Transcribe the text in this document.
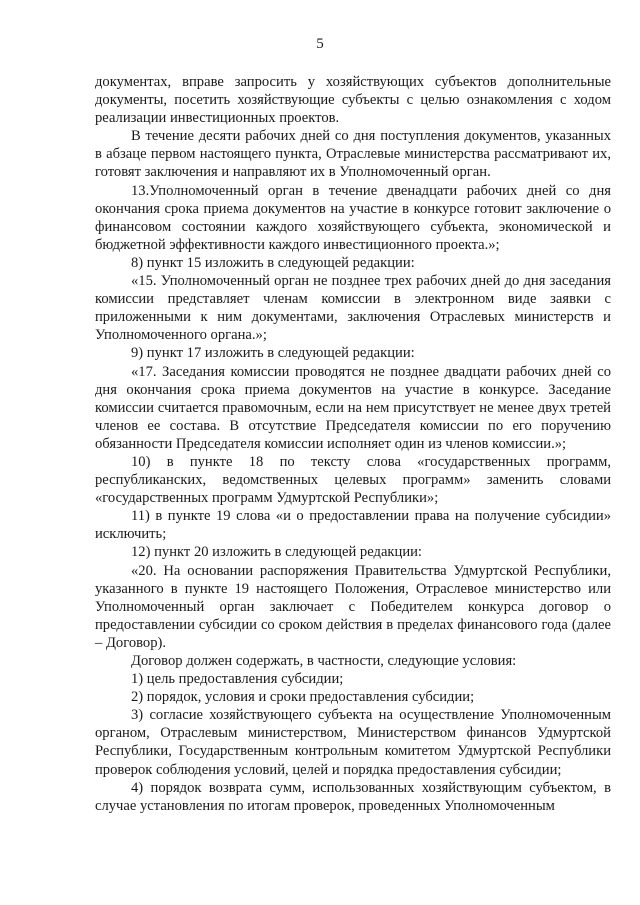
5

документах, вправе запросить у хозяйствующих субъектов дополнительные документы, посетить хозяйствующие субъекты с целью ознакомления с ходом реализации инвестиционных проектов.

В течение десяти рабочих дней со дня поступления документов, указанных в абзаце первом настоящего пункта, Отраслевые министерства рассматривают их, готовят заключения и направляют их в Уполномоченный орган.

13.Уполномоченный орган в течение двенадцати рабочих дней со дня окончания срока приема документов на участие в конкурсе готовит заключение о финансовом состоянии каждого хозяйствующего субъекта, экономической и бюджетной эффективности каждого инвестиционного проекта.»;

8) пункт 15 изложить в следующей редакции:

«15. Уполномоченный орган не позднее трех рабочих дней до дня заседания комиссии представляет членам комиссии в электронном виде заявки с приложенными к ним документами, заключения Отраслевых министерств и Уполномоченного органа.»;

9) пункт 17 изложить в следующей редакции:

«17. Заседания комиссии проводятся не позднее двадцати рабочих дней со дня окончания срока приема документов на участие в конкурсе. Заседание комиссии считается правомочным, если на нем присутствует не менее двух третей членов ее состава. В отсутствие Председателя комиссии по его поручению обязанности Председателя комиссии исполняет один из членов комиссии.»;

10) в пункте 18 по тексту слова «государственных программ, республиканских, ведомственных целевых программ» заменить словами «государственных программ Удмуртской Республики»;

11) в пункте 19 слова «и о предоставлении права на получение субсидии» исключить;

12) пункт 20 изложить в следующей редакции:

«20. На основании распоряжения Правительства Удмуртской Республики, указанного в пункте 19 настоящего Положения, Отраслевое министерство или Уполномоченный орган заключает с Победителем конкурса договор о предоставлении субсидии со сроком действия в пределах финансового года (далее – Договор).

Договор должен содержать, в частности, следующие условия:

1) цель предоставления субсидии;

2) порядок, условия и сроки предоставления субсидии;

3) согласие хозяйствующего субъекта на осуществление Уполномоченным органом, Отраслевым министерством, Министерством финансов Удмуртской Республики, Государственным контрольным комитетом Удмуртской Республики проверок соблюдения условий, целей и порядка предоставления субсидии;

4) порядок возврата сумм, использованных хозяйствующим субъектом, в случае установления по итогам проверок, проведенных Уполномоченным
